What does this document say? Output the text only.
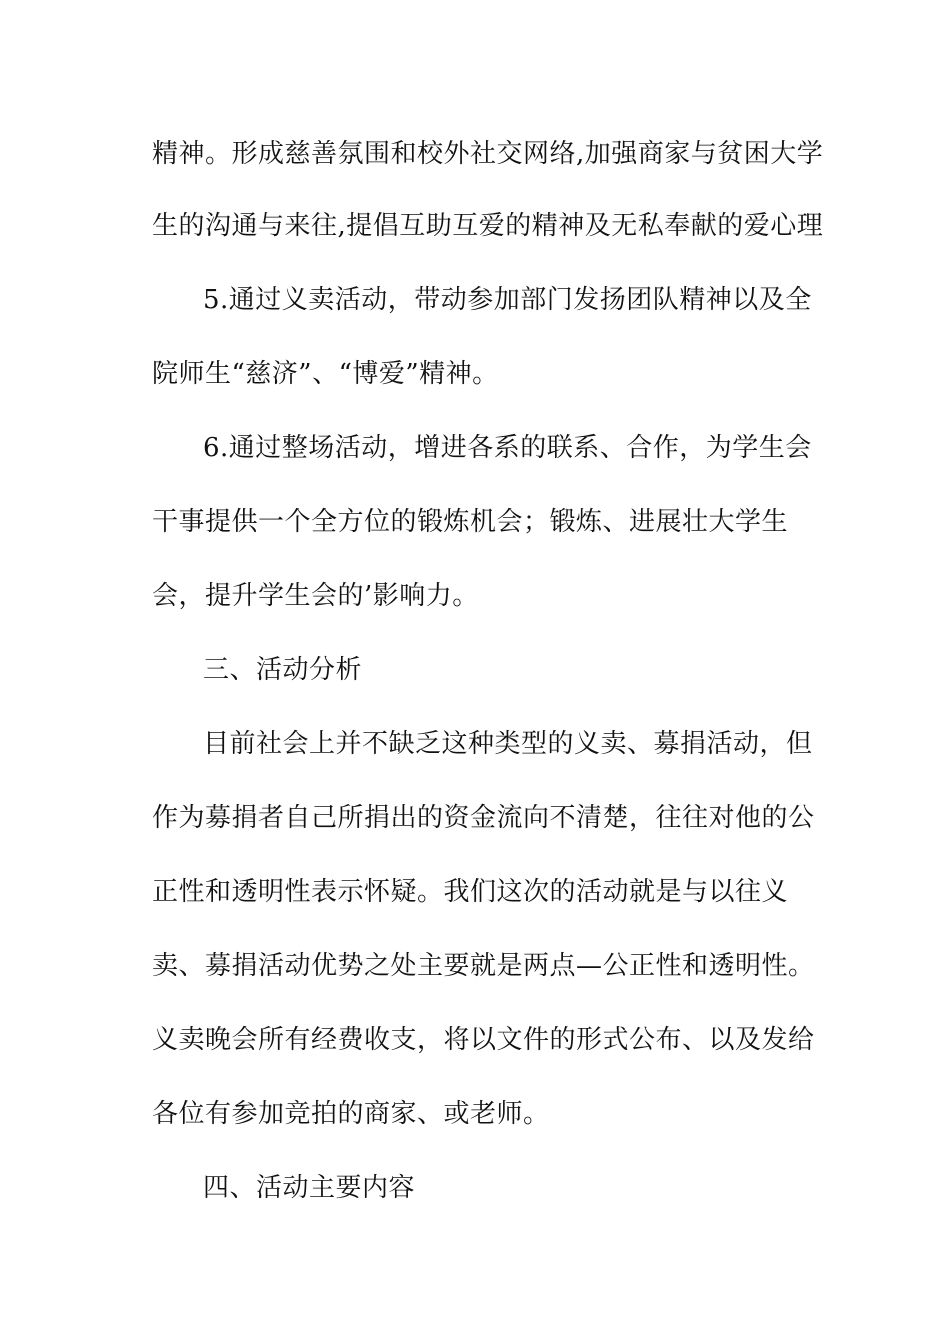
精神。形成慈善氛围和校外社交网络,加强商家与贫困大学
生的沟通与来往,提倡互助互爱的精神及无私奉献的爱心理
5.通过义卖活动，带动参加部门发扬团队精神以及全
院师生“慈济”、“博爱”精神。
6.通过整场活动，增进各系的联系、合作，为学生会
干事提供一个全方位的锻炼机会；锻炼、进展壮大学生
会，提升学生会的’影响力。
三、活动分析
目前社会上并不缺乏这种类型的义卖、募捐活动，但
作为募捐者自己所捐出的资金流向不清楚，往往对他的公
正性和透明性表示怀疑。我们这次的活动就是与以往义
卖、募捐活动优势之处主要就是两点—公正性和透明性。
义卖晚会所有经费收支，将以文件的形式公布、以及发给
各位有参加竞拍的商家、或老师。
四、活动主要内容
